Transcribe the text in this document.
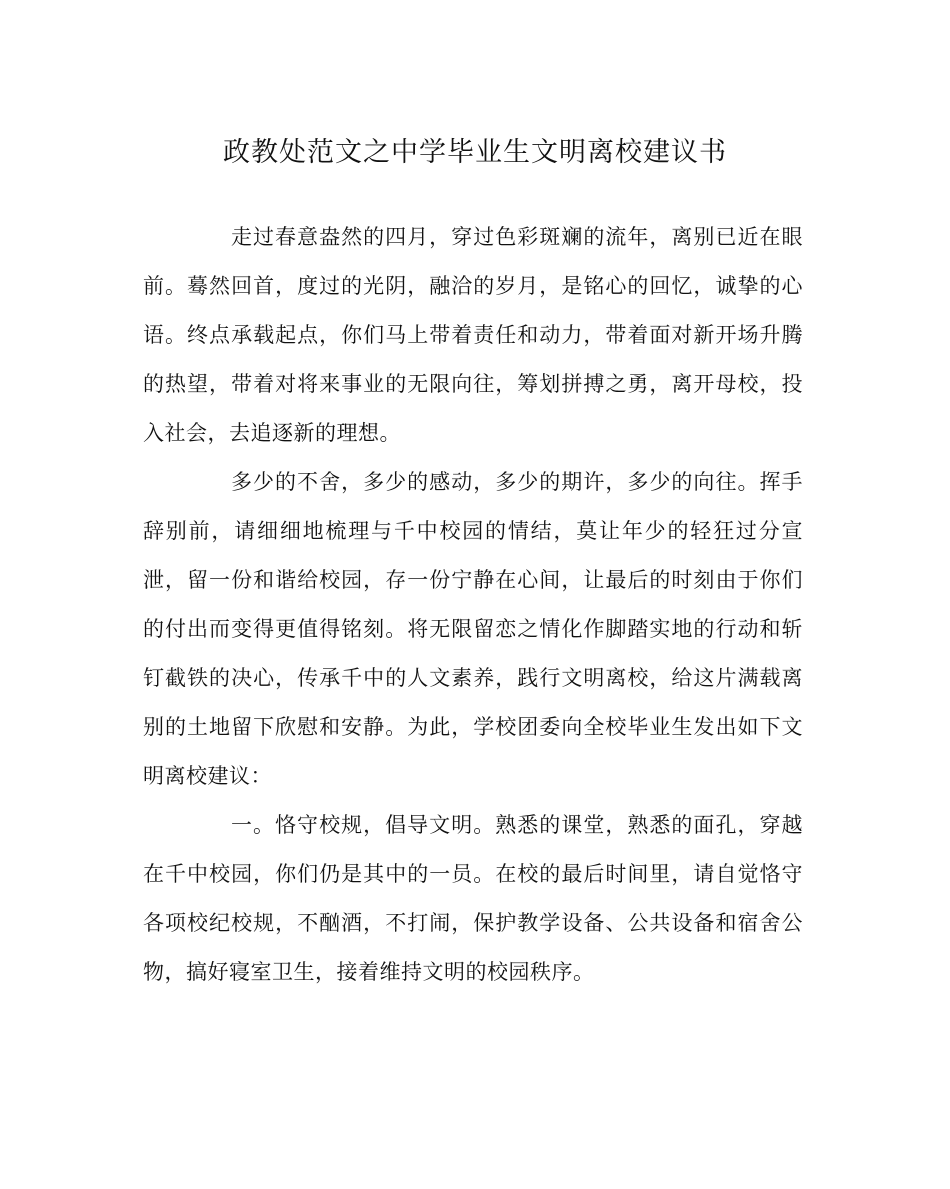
政教处范文之中学毕业生文明离校建议书

走过春意盎然的四月，穿过色彩斑斓的流年，离别已近在眼前。蓦然回首，度过的光阴，融洽的岁月，是铭心的回忆，诚挚的心语。终点承载起点，你们马上带着责任和动力，带着面对新开场升腾的热望，带着对将来事业的无限向往，筹划拼搏之勇，离开母校，投入社会，去追逐新的理想。

多少的不舍，多少的感动，多少的期许，多少的向往。挥手辞别前，请细细地梳理与千中校园的情结，莫让年少的轻狂过分宣泄，留一份和谐给校园，存一份宁静在心间，让最后的时刻由于你们的付出而变得更值得铭刻。将无限留恋之情化作脚踏实地的行动和斩钉截铁的决心，传承千中的人文素养，践行文明离校，给这片满载离别的土地留下欣慰和安静。为此，学校团委向全校毕业生发出如下文明离校建议：

一。恪守校规，倡导文明。熟悉的课堂，熟悉的面孔，穿越在千中校园，你们仍是其中的一员。在校的最后时间里，请自觉恪守各项校纪校规，不酗酒，不打闹，保护教学设备、公共设备和宿舍公物，搞好寝室卫生，接着维持文明的校园秩序。
